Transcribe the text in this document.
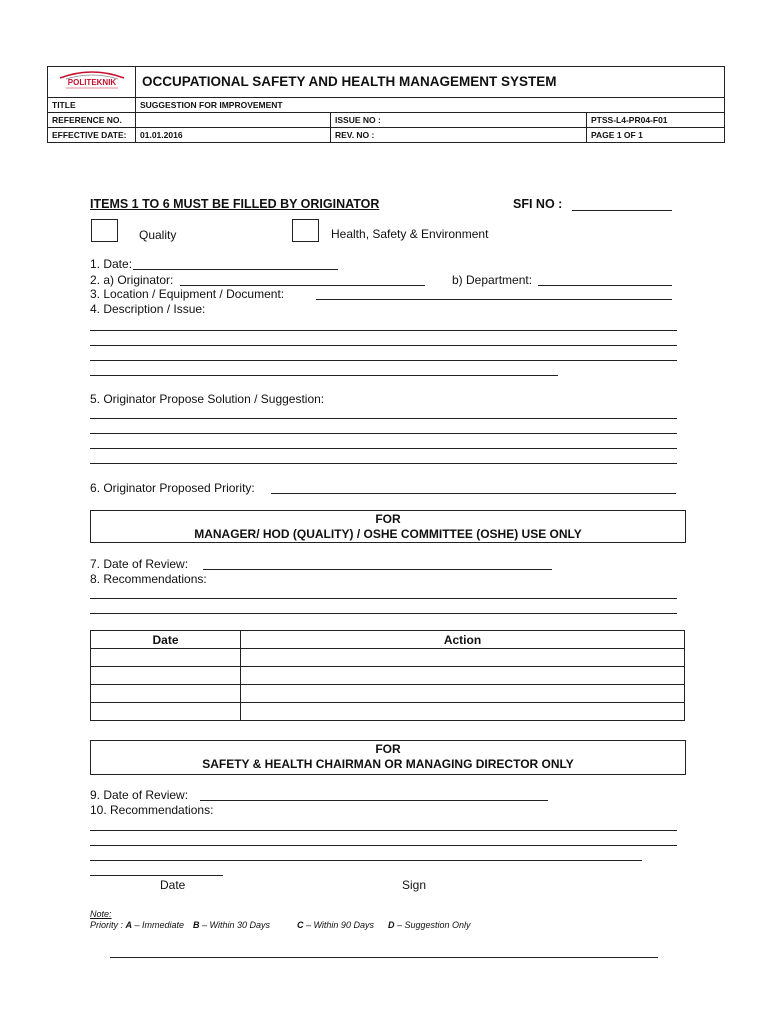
POLITEKNIK	OCCUPATIONAL SAFETY AND HEALTH MANAGEMENT SYSTEM		
TITLE	SUGGESTION FOR IMPROVEMENT		
REFERENCE NO.		ISSUE NO :	PTSS-L4-PR04-F01
EFFECTIVE DATE:	01.01.2016	REV. NO :	PAGE 1 OF 1
ITEMS 1 TO 6 MUST BE FILLED BY ORIGINATOR	SFI NO :
Quality	Health, Safety & Environment
1. Date:
2. a) Originator:	b) Department:
3. Location / Equipment / Document:
4. Description / Issue:
5. Originator Propose Solution / Suggestion:
6. Originator Proposed Priority:
FOR
MANAGER/ HOD (QUALITY) / OSHE COMMITTEE (OSHE) USE ONLY
7. Date of Review:
8. Recommendations:
Date	Action

FOR
SAFETY & HEALTH CHAIRMAN OR MANAGING DIRECTOR ONLY
9. Date of Review:
10. Recommendations:
Date	Sign
Note:
Priority : A – Immediate B – Within 30 Days	C – Within 90 Days D – Suggestion Only
